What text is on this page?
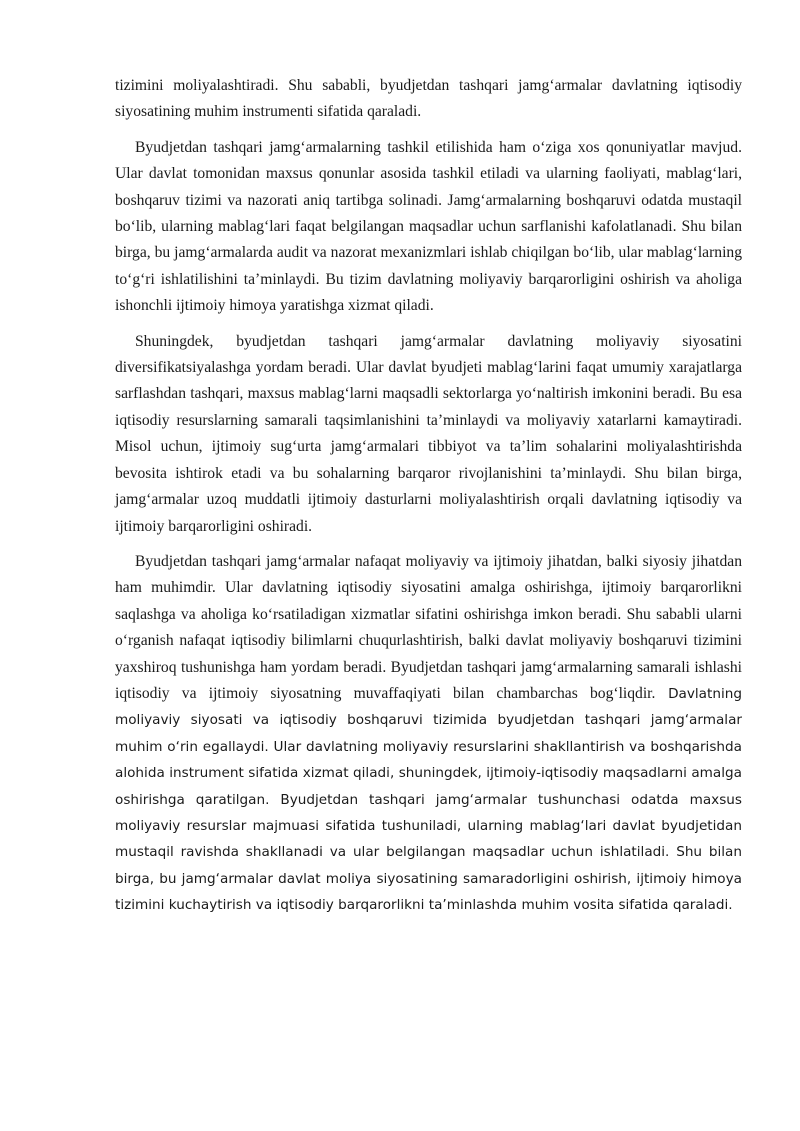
tizimini moliyalashtiradi. Shu sababli, byudjetdan tashqari jamg‘armalar davlatning iqtisodiy siyosatining muhim instrumenti sifatida qaraladi.

Byudjetdan tashqari jamg‘armalarning tashkil etilishida ham o‘ziga xos qonuniyatlar mavjud. Ular davlat tomonidan maxsus qonunlar asosida tashkil etiladi va ularning faoliyati, mablag‘lari, boshqaruv tizimi va nazorati aniq tartibga solinadi. Jamg‘armalarning boshqaruvi odatda mustaqil bo‘lib, ularning mablag‘lari faqat belgilangan maqsadlar uchun sarflanishi kafolatlanadi. Shu bilan birga, bu jamg‘armalarda audit va nazorat mexanizmlari ishlab chiqilgan bo‘lib, ular mablag‘larning to‘g‘ri ishlatilishini ta’minlaydi. Bu tizim davlatning moliyaviy barqarorligini oshirish va aholiga ishonchli ijtimoiy himoya yaratishga xizmat qiladi.

Shuningdek, byudjetdan tashqari jamg‘armalar davlatning moliyaviy siyosatini diversifikatsiyalashga yordam beradi. Ular davlat byudjeti mablag‘larini faqat umumiy xarajatlarga sarflashdan tashqari, maxsus mablag‘larni maqsadli sektorlarga yo‘naltirish imkonini beradi. Bu esa iqtisodiy resurslarning samarali taqsimlanishini ta’minlaydi va moliyaviy xatarlarni kamaytiradi. Misol uchun, ijtimoiy sug‘urta jamg‘armalari tibbiyot va ta’lim sohalarini moliyalashtirishda bevosita ishtirok etadi va bu sohalarning barqaror rivojlanishini ta’minlaydi. Shu bilan birga, jamg‘armalar uzoq muddatli ijtimoiy dasturlarni moliyalashtirish orqali davlatning iqtisodiy va ijtimoiy barqarorligini oshiradi.

Byudjetdan tashqari jamg‘armalar nafaqat moliyaviy va ijtimoiy jihatdan, balki siyosiy jihatdan ham muhimdir. Ular davlatning iqtisodiy siyosatini amalga oshirishga, ijtimoiy barqarorlikni saqlashga va aholiga ko‘rsatiladigan xizmatlar sifatini oshirishga imkon beradi. Shu sababli ularni o‘rganish nafaqat iqtisodiy bilimlarni chuqurlashtirish, balki davlat moliyaviy boshqaruvi tizimini yaxshiroq tushunishga ham yordam beradi. Byudjetdan tashqari jamg‘armalarning samarali ishlashi iqtisodiy va ijtimoiy siyosatning muvaffaqiyati bilan chambarchas bog‘liqdir. Davlatning moliyaviy siyosati va iqtisodiy boshqaruvi tizimida byudjetdan tashqari jamg‘armalar muhim o‘rin egallaydi. Ular davlatning moliyaviy resurslarini shakllantirish va boshqarishda alohida instrument sifatida xizmat qiladi, shuningdek, ijtimoiy-iqtisodiy maqsadlarni amalga oshirishga qaratilgan. Byudjetdan tashqari jamg‘armalar tushunchasi odatda maxsus moliyaviy resurslar majmuasi sifatida tushuniladi, ularning mablag‘lari davlat byudjetidan mustaqil ravishda shakllanadi va ular belgilangan maqsadlar uchun ishlatiladi. Shu bilan birga, bu jamg‘armalar davlat moliya siyosatining samaradorligini oshirish, ijtimoiy himoya tizimini kuchaytirish va iqtisodiy barqarorlikni ta’minlashda muhim vosita sifatida qaraladi.
